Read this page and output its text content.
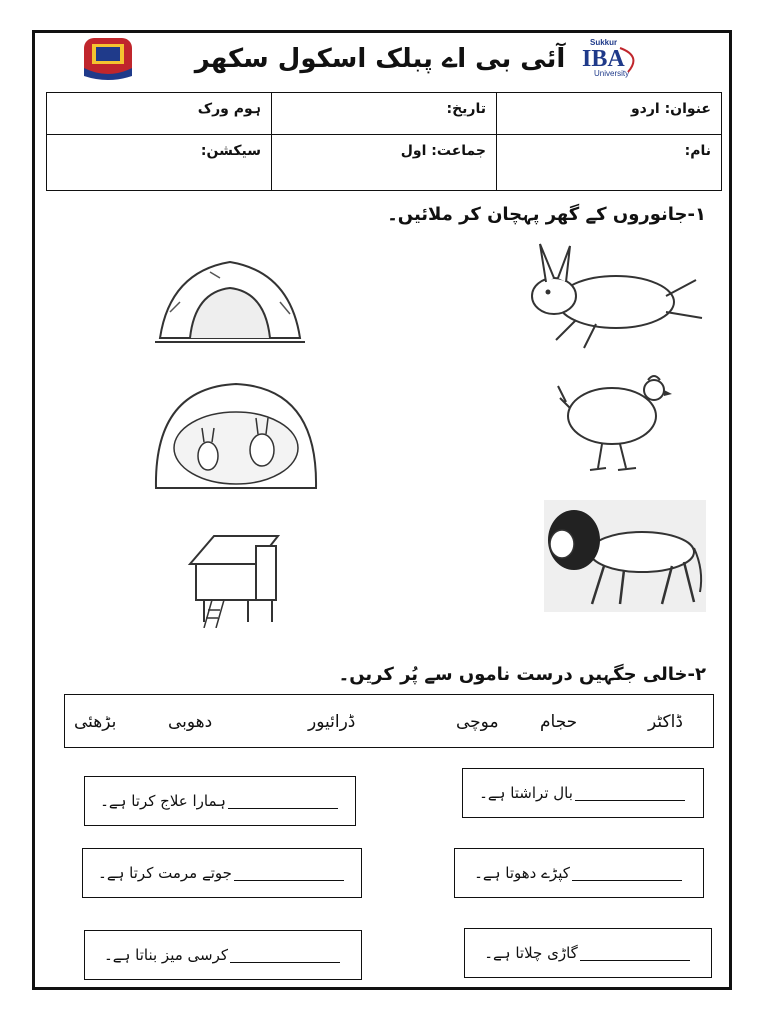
آئی بی اے پبلک اسکول سکھر
Sukkur
IBA
University
عنوان: اردو	تاریخ:	ہوم ورک
نام:	جماعت: اول	سیکشن:
۱-جانوروں کے گھر پہچان کر ملائیں۔
۲-خالی جگہیں درست ناموں سے پُر کریں۔
ڈاکٹر
حجام
موچی
ڈرائیور
دھوبی
بڑھئی
بال تراشتا ہے۔
کپڑے دھوتا ہے۔
گاڑی چلاتا ہے۔
ہمارا علاج کرتا ہے۔
جوتے مرمت کرتا ہے۔
کرسی میز بناتا ہے۔
